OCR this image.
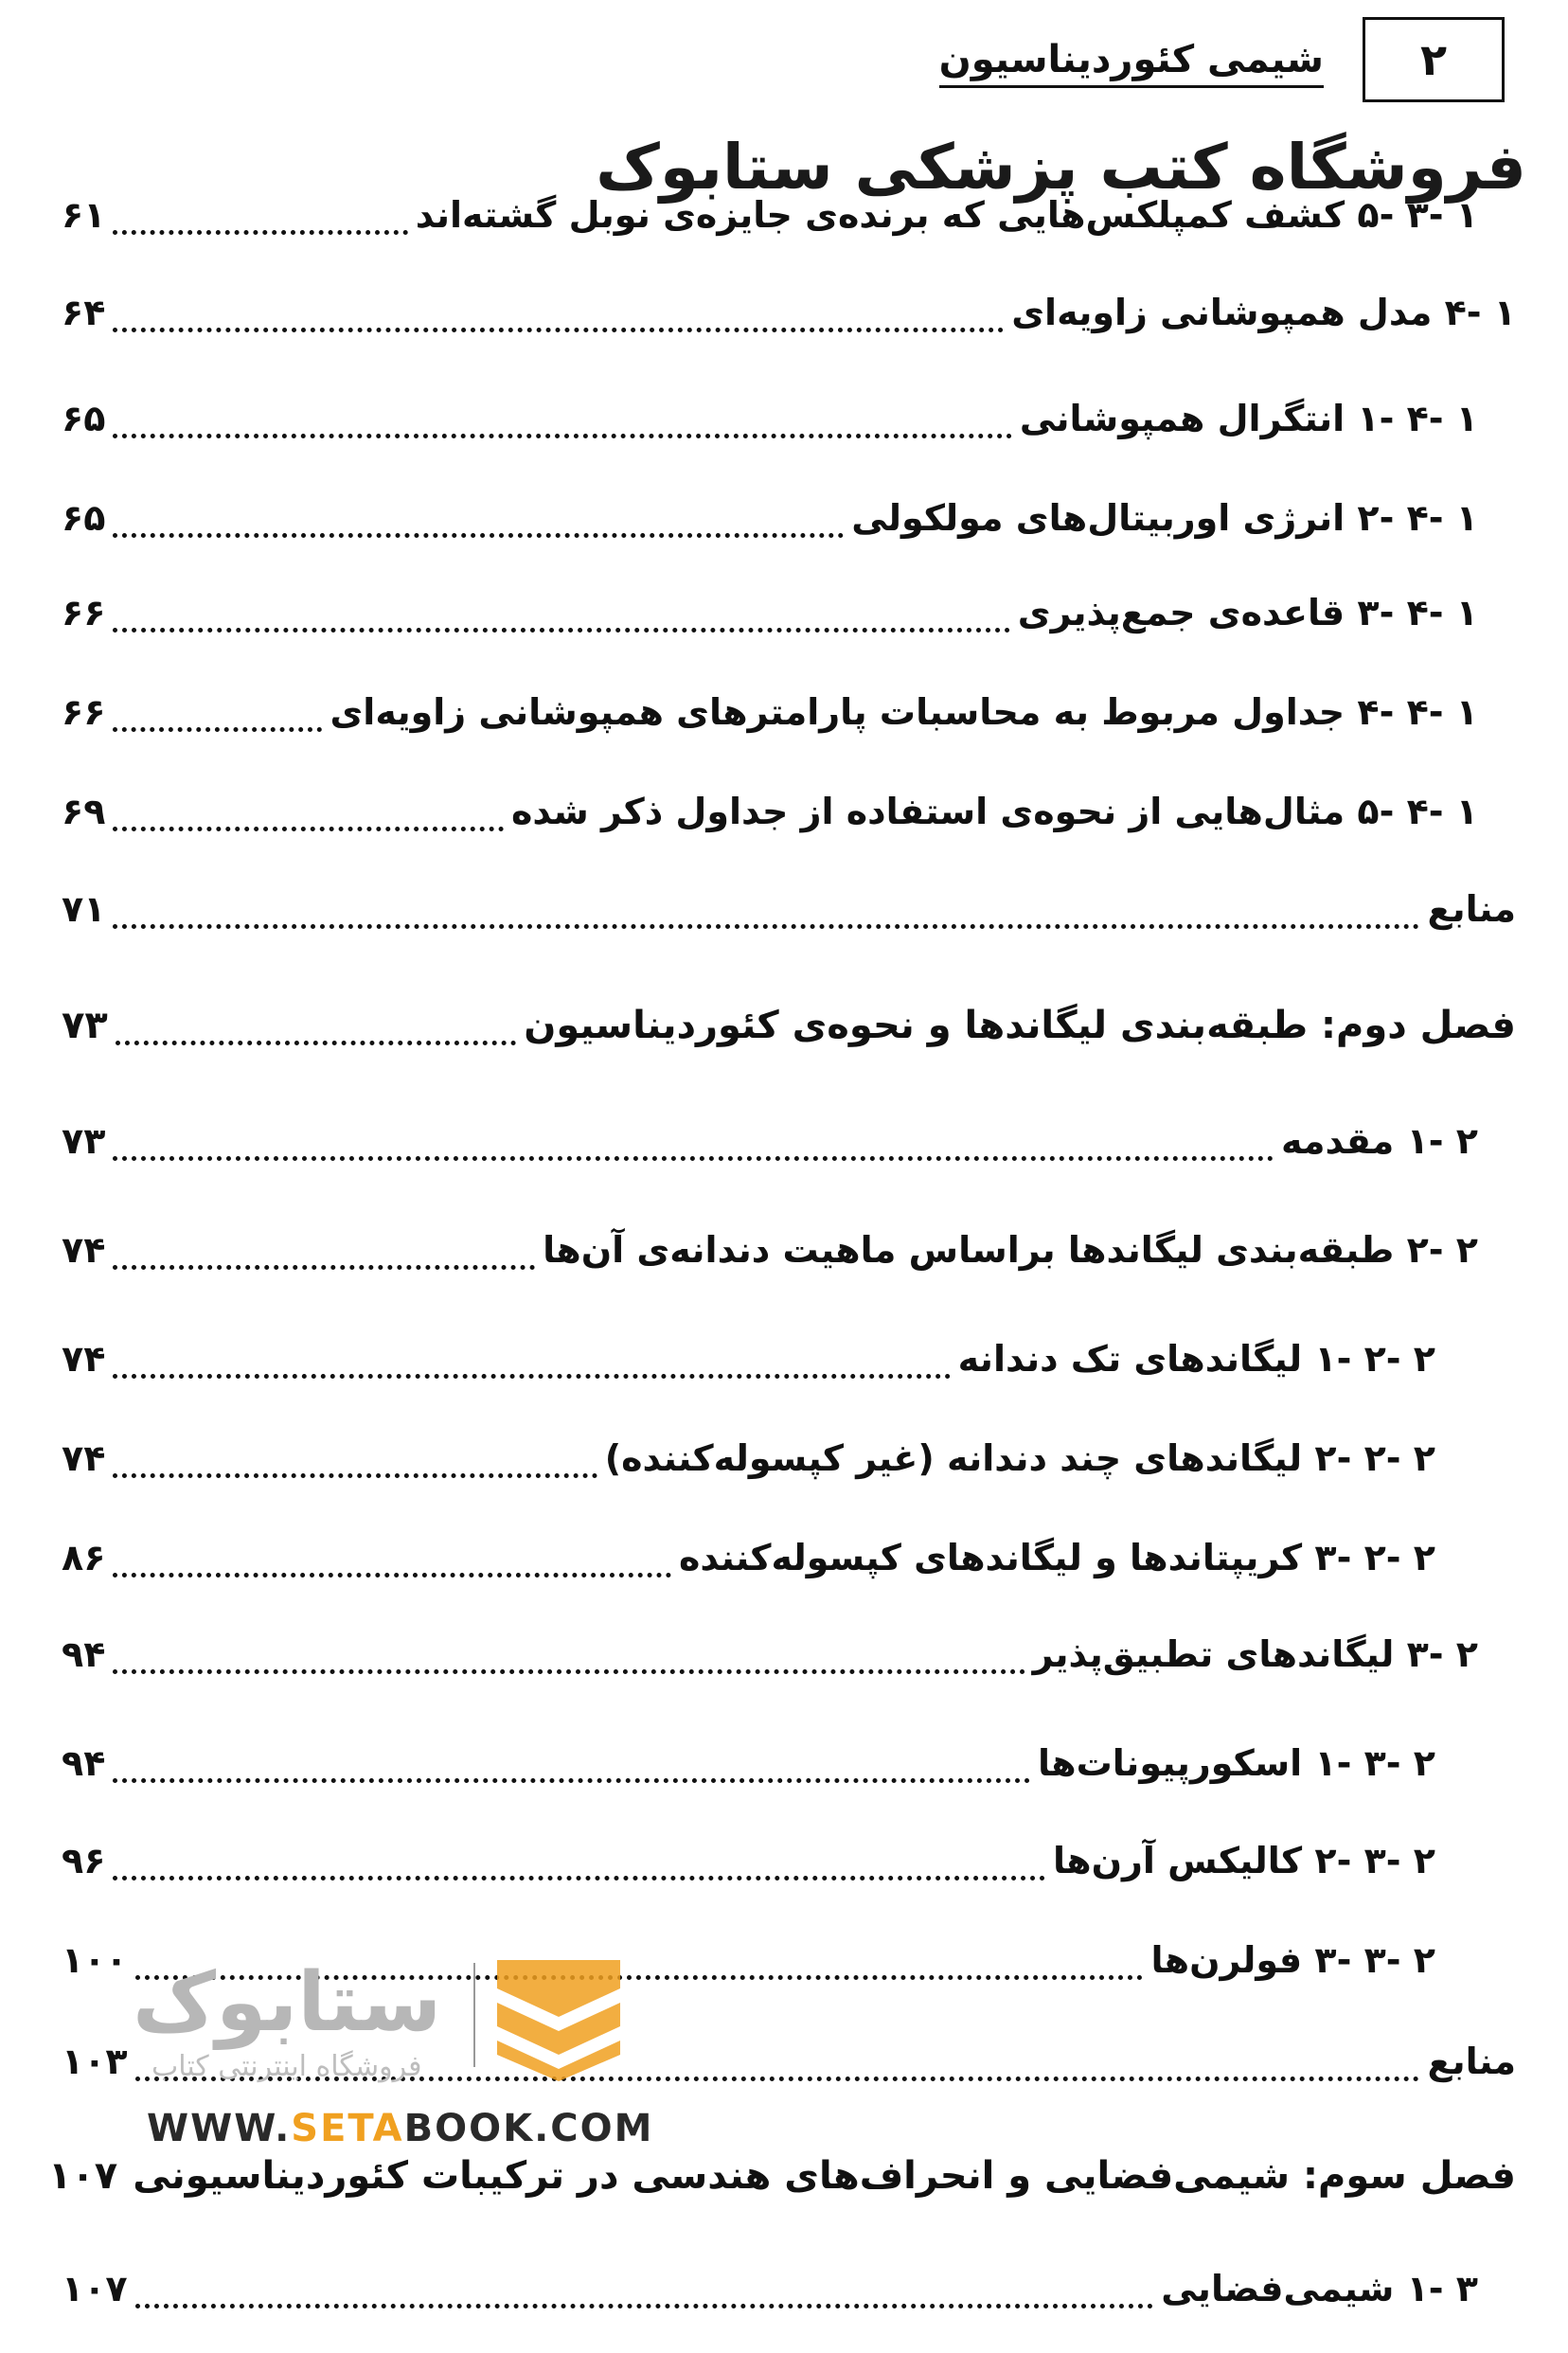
۲
شیمی کئوردیناسیون
فروشگاه کتب پزشکی ستابوک
۱ -۳ -۵ کشف کمپلکس‌هایی که برنده‌ی جایزه‌ی نوبل گشته‌اند
۶۱
۱ -۴ مدل همپوشانی زاویه‌ای
۶۴
۱ -۴ -۱ انتگرال همپوشانی
۶۵
۱ -۴ -۲ انرژی اوربیتال‌های مولکولی
۶۵
۱ -۴ -۳ قاعده‌ی جمع‌پذیری
۶۶
۱ -۴ -۴ جداول مربوط به محاسبات پارامترهای همپوشانی زاویه‌ای
۶۶
۱ -۴ -۵ مثال‌هایی از نحوه‌ی استفاده از جداول ذکر شده
۶۹
منابع
۷۱
فصل دوم: طبقه‌بندی لیگاندها و نحوه‌ی کئوردیناسیون
۷۳
۲ -۱ مقدمه
۷۳
۲ -۲ طبقه‌بندی لیگاندها براساس ماهیت دندانه‌ی آن‌ها
۷۴
۲ -۲ -۱ لیگاندهای تک دندانه
۷۴
۲ -۲ -۲ لیگاندهای چند دندانه (غیر کپسوله‌کننده)
۷۴
۲ -۲ -۳ کریپتاندها و لیگاندهای کپسوله‌کننده
۸۶
۲ -۳ لیگاندهای تطبیق‌پذیر
۹۴
۲ -۳ -۱ اسکورپیونات‌ها
۹۴
۲ -۳ -۲ کالیکس آرن‌ها
۹۶
۲ -۳ -۳ فولرن‌ها
۱۰۰
منابع
۱۰۳
فصل سوم: شیمی‌فضایی و انحراف‌های هندسی در ترکیبات کئوردیناسیونی
۱۰۷
۳ -۱ شیمی‌فضایی
۱۰۷
ستابوک
فروشگاه اینترنتی کتاب
WWW.SETABOOK.COM
